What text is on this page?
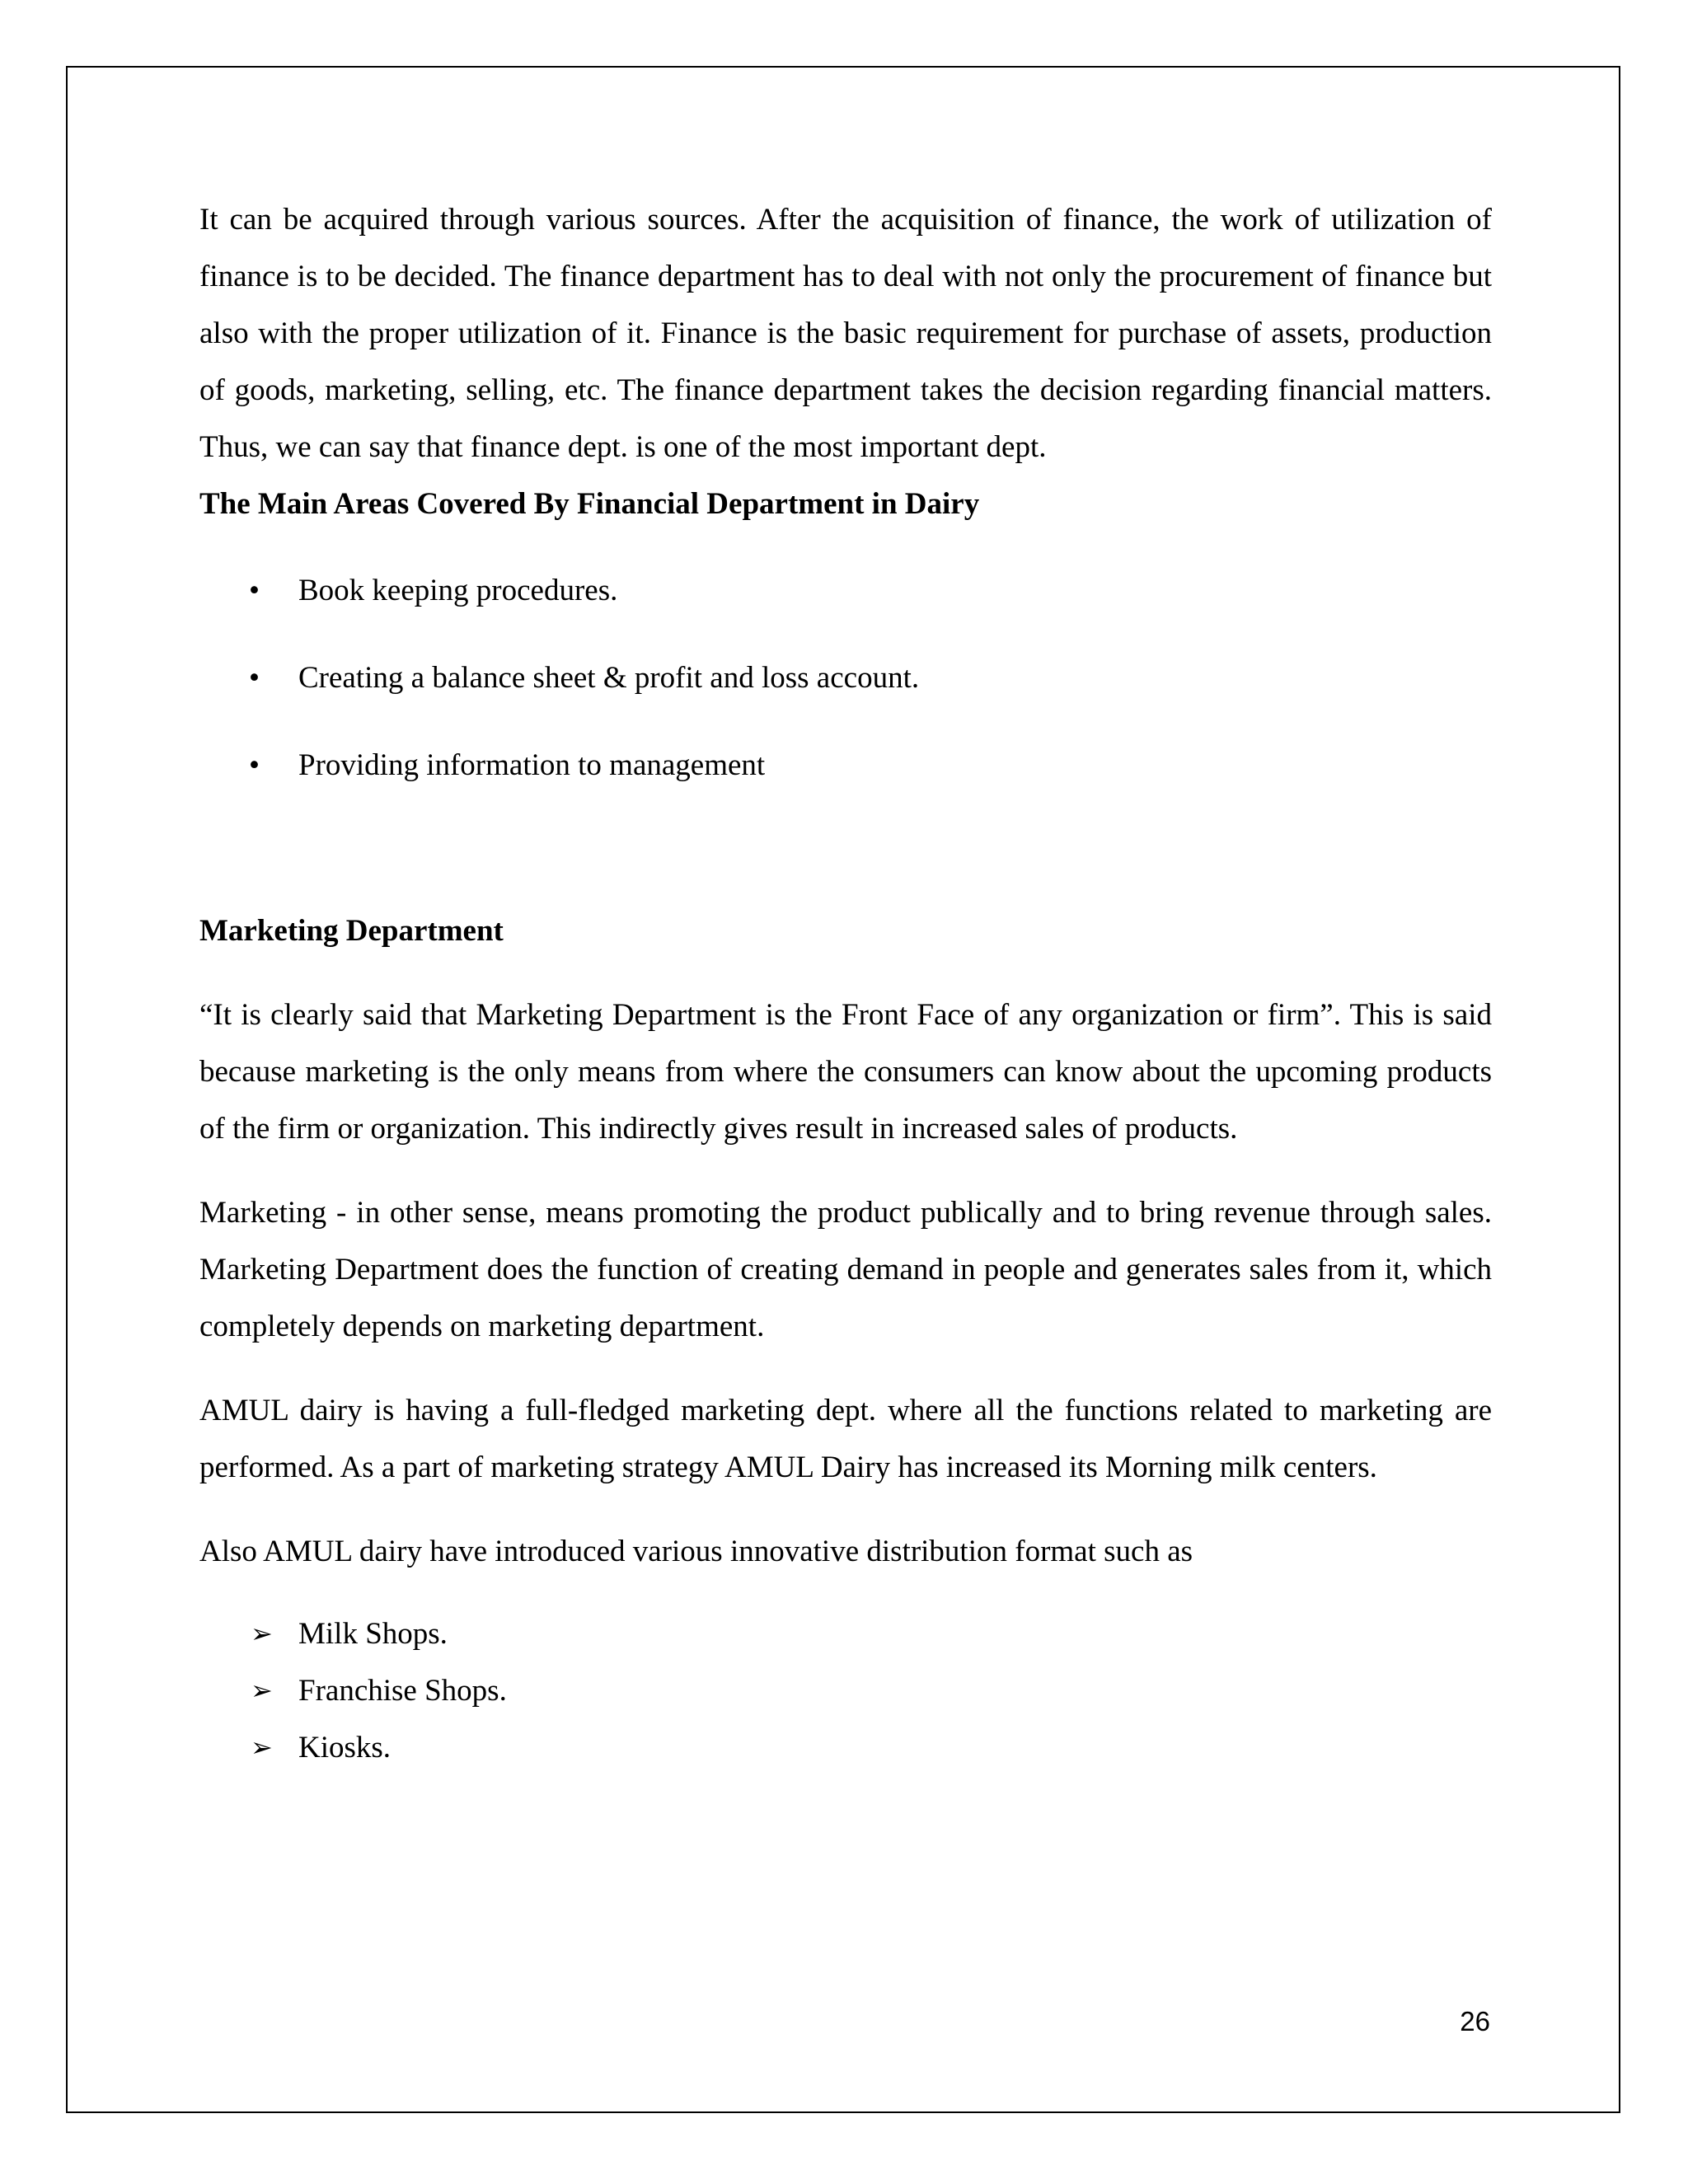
It can be acquired through various sources. After the acquisition of finance, the work of utilization of finance is to be decided. The finance department has to deal with not only the procurement of finance but also with the proper utilization of it. Finance is the basic requirement for purchase of assets, production of goods, marketing, selling, etc. The finance department takes the decision regarding financial matters. Thus, we can say that finance dept. is one of the most important dept.

The Main Areas Covered By Financial Department in Dairy

• Book keeping procedures.
• Creating a balance sheet & profit and loss account.
• Providing information to management

Marketing Department

“It is clearly said that Marketing Department is the Front Face of any organization or firm”. This is said because marketing is the only means from where the consumers can know about the upcoming products of the firm or organization. This indirectly gives result in increased sales of products.

Marketing - in other sense, means promoting the product publically and to bring revenue through sales. Marketing Department does the function of creating demand in people and generates sales from it, which completely depends on marketing department.

AMUL dairy is having a full-fledged marketing dept. where all the functions related to marketing are performed. As a part of marketing strategy AMUL Dairy has increased its Morning milk centers.

Also AMUL dairy have introduced various innovative distribution format such as

➢ Milk Shops.
➢ Franchise Shops.
➢ Kiosks.
26
